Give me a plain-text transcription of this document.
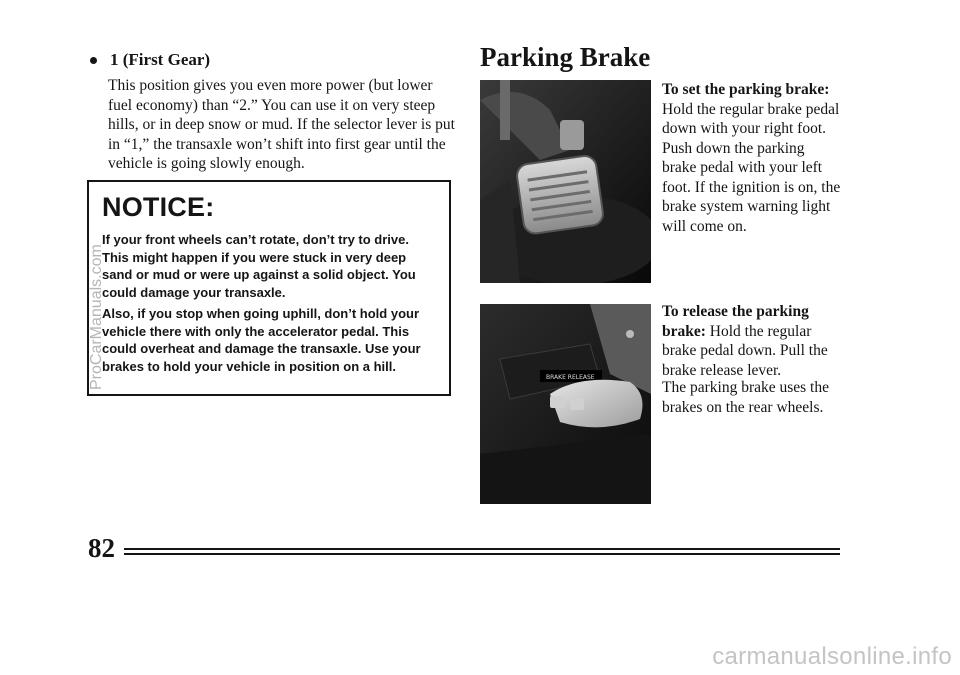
1 (First Gear)
This position gives you even more power (but lower fuel economy) than “2.” You can use it on very steep hills, or in deep snow or mud. If the selector lever is put in “1,” the transaxle won’t shift into first gear until the vehicle is going slowly enough.
NOTICE:

If your front wheels can’t rotate, don’t try to drive. This might happen if you were stuck in very deep sand or mud or were up against a solid object. You could damage your transaxle.

Also, if you stop when going uphill, don’t hold your vehicle there with only the accelerator pedal. This could overheat and damage the transaxle. Use your brakes to hold your vehicle in position on a hill.

Parking Brake
To set the parking brake:
Hold the regular brake pedal down with your right foot. Push down the parking brake pedal with your left foot. If the ignition is on, the brake system warning light will come on.
BRAKE RELEASE
To release the parking brake: Hold the regular brake pedal down. Pull the brake release lever.
The parking brake uses the brakes on the rear wheels.
82
ProCarManuals.com
carmanualsonline.info
